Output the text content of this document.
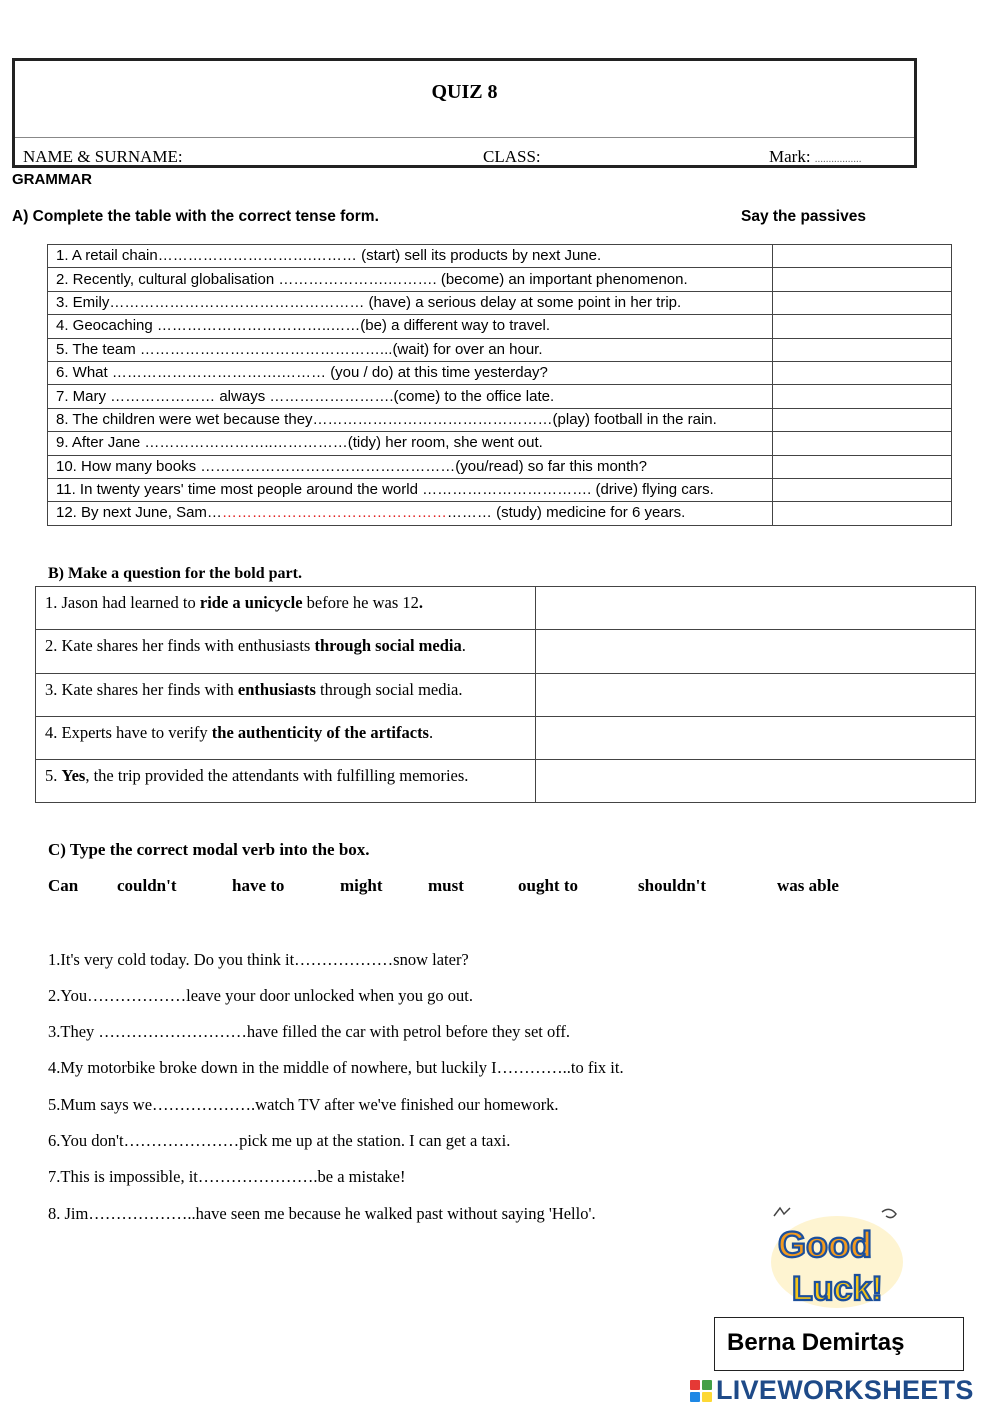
QUIZ 8
NAME & SURNAME:	CLASS:	Mark: .................
GRAMMAR
A) Complete the table with the correct tense form.	Say the passives
1. A retail chain………………………….……… (start) sell its products by next June.	
2. Recently, cultural globalisation ………………….………. (become) an important phenomenon.	
3. Emily…………………………………………… (have) a serious delay at some point in her trip.	
4. Geocaching ……………………………..……(be) a different way to travel.	
5. The team …………………………………………...(wait) for over an hour.	
6. What …………………………….……… (you / do) at this time yesterday?	
7. Mary ………………… always …………………….(come) to the office late.	
8. The children were wet because they…………………………………………(play) football in the rain.	
9. After Jane ……………………..……………(tidy) her room, she went out.	
10. How many books ……………………………………………(you/read) so far this month?	
11. In twenty years' time most people around the world ……………………………. (drive) flying cars.	
12. By next June, Sam………………………………………………… (study) medicine for 6 years.	
B) Make a question for the bold part.
1. Jason had learned to ride a unicycle before he was 12.	
2. Kate shares her finds with enthusiasts through social media.	
3. Kate shares her finds with enthusiasts through social media.	
4. Experts have to verify the authenticity of the artifacts.	
5. Yes, the trip provided the attendants with fulfilling memories.	
C) Type the correct modal verb into the box.
Can couldn't	have to	might	must	ought to	shouldn't	was able
1.It's very cold today. Do you think it………………snow later?
2.You………………leave your door unlocked when you go out.
3.They ………………………have filled the car with petrol before they set off.
4.My motorbike broke down in the middle of nowhere, but luckily I…………..to fix it.
5.Mum says we……………….watch TV after we've finished our homework.
6.You don't…………………pick me up at the station. I can get a taxi.
7.This is impossible, it………………….be a mistake!
8. Jim………………..have seen me because he walked past without saying 'Hello'.
Good
Luck!
Berna Demirtaş
LIVEWORKSHEETS
